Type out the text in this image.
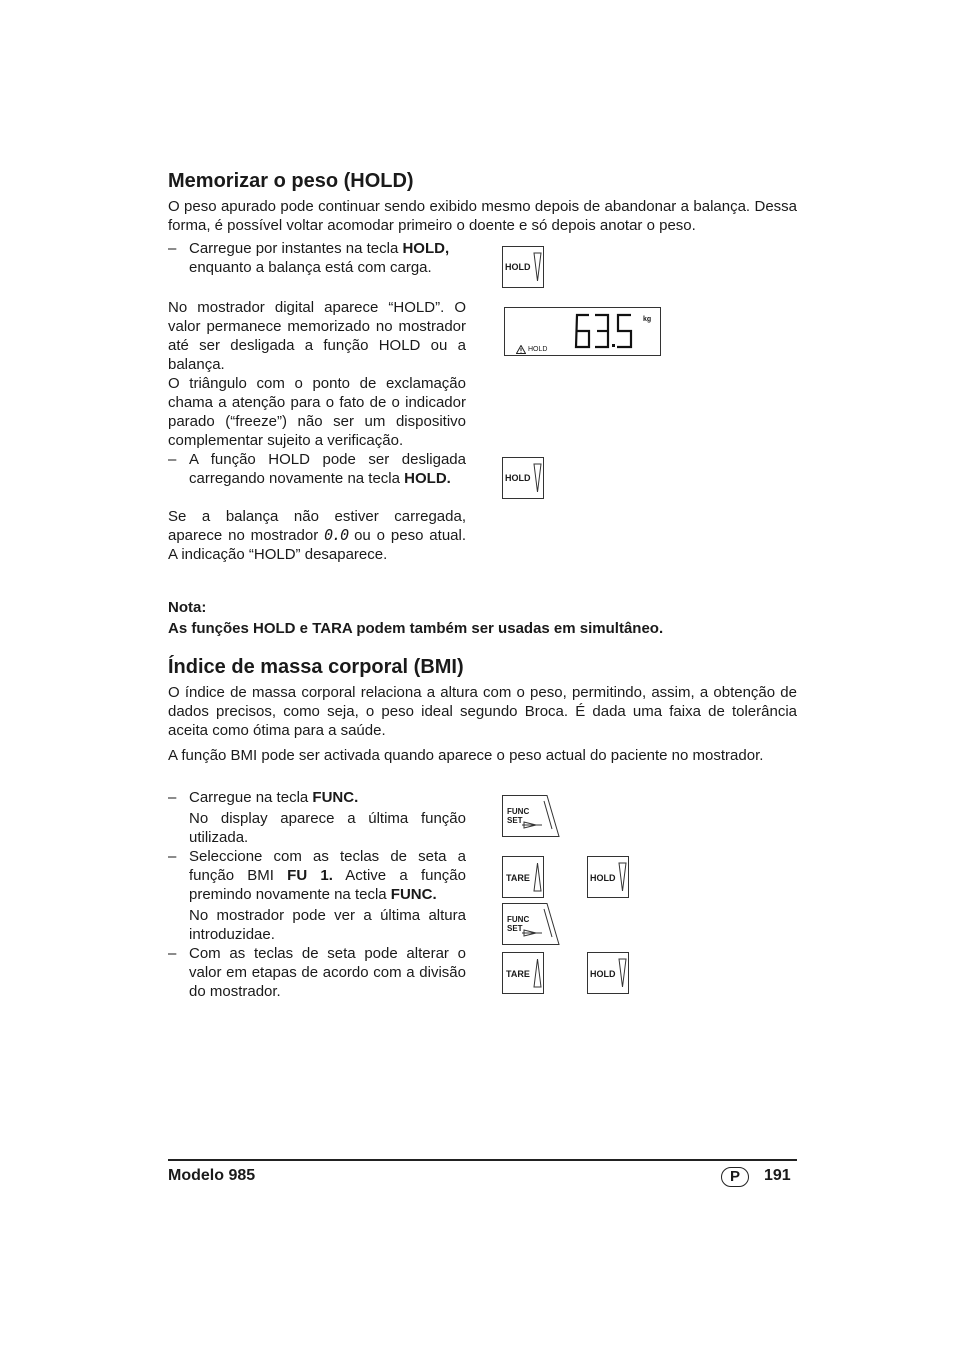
Memorizar o peso (HOLD)

O peso apurado pode continuar sendo exibido mesmo depois de abandonar a balança. Dessa forma, é possível voltar acomodar primeiro o doente e só depois anotar o peso.

– Carregue por instantes na tecla HOLD,
enquanto a balança está com carga.

No mostrador digital aparece “HOLD”. O valor permanece memorizado no mostrador até ser desligada a função HOLD ou a balança.

O triângulo com o ponto de exclamação chama a atenção para o fato de o indicador parado (“freeze”) não ser um dispositivo complementar sujeito a verificação.

– A função HOLD pode ser desligada carregando novamente na tecla HOLD.

Se a balança não estiver carregada, aparece no mostrador 0.0 ou o peso atual. A indicação “HOLD” desaparece.

HOLD
kg
HOLD
HOLD

Nota:

As funções HOLD e TARA podem também ser usadas em simultâneo.

Índice de massa corporal (BMI)

O índice de massa corporal relaciona a altura com o peso, permitindo, assim, a obtenção de dados precisos, como seja, o peso ideal segundo Broca. É dada uma faixa de tolerância aceita como ótima para a saúde.

A função BMI pode ser activada quando aparece o peso actual do paciente no mostrador.

– Carregue na tecla FUNC.
No display aparece a última função utilizada.
– Seleccione com as teclas de seta a função BMI FU 1. Active a função premindo novamente na tecla FUNC.
No mostrador pode ver a última altura introduzidae.
– Com as teclas de seta pode alterar o valor em etapas de acordo com a divisão do mostrador.
FUNC
SET
TARE	HOLD
FUNC
SET
TARE	HOLD
Modelo 985	P	191
